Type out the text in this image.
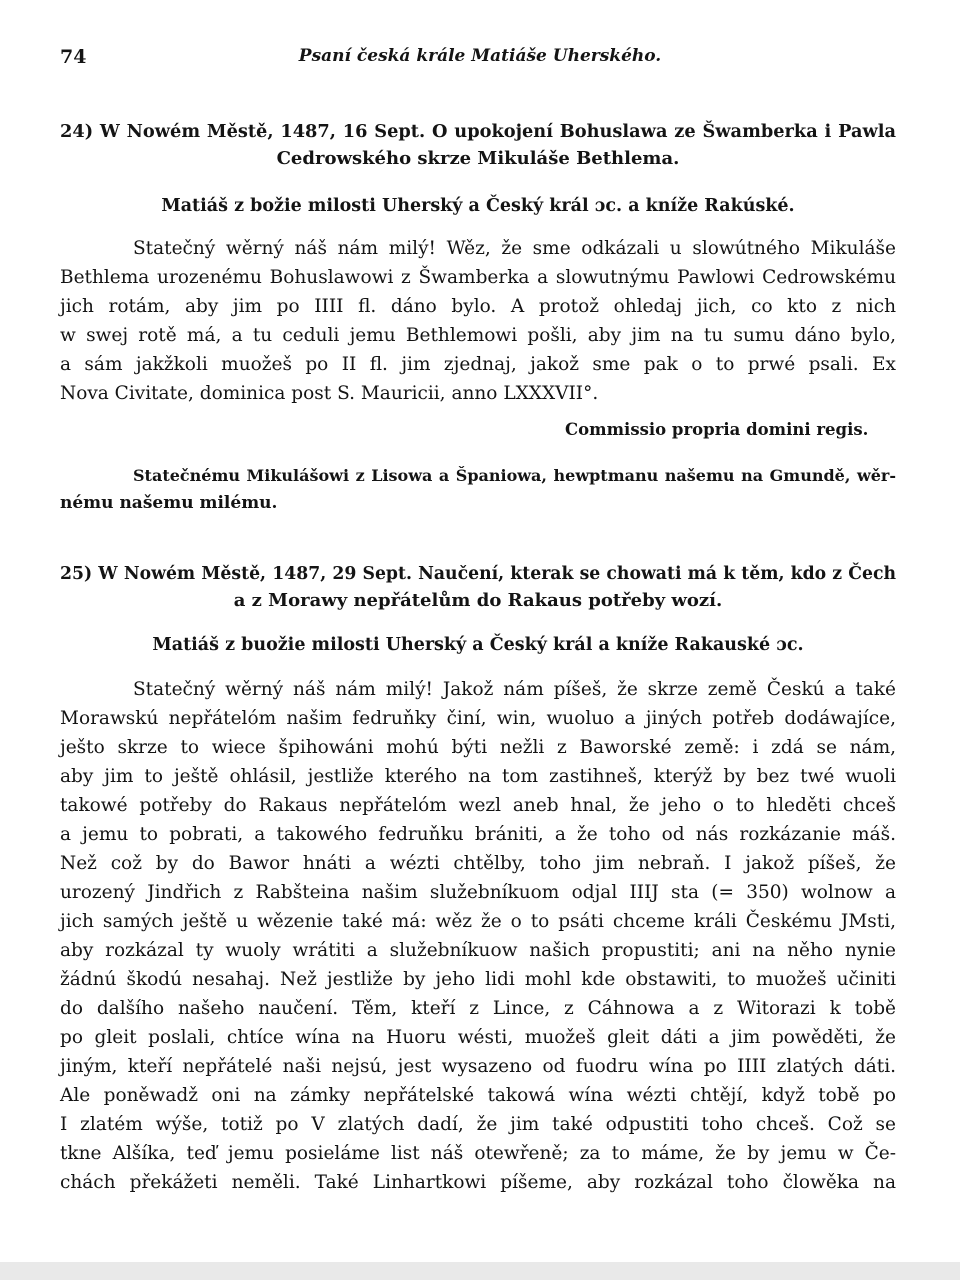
74	Psaní česká krále Matiáše Uherského.
24) W Nowém Městě, 1487, 16 Sept. O upokojení Bohuslawa ze Šwamberka i Pawla
Cedrowského skrze Mikuláše Bethlema.
Matiáš z božie milosti Uherský a Český král ɔc. a kníže Rakúské.
Statečný wěrný náš nám milý! Wěz, že sme odkázali u slowútného Mikuláše
Bethlema urozenému Bohuslawowi z Šwamberka a slowutnýmu Pawlowi Cedrowskému
jich rotám, aby jim po IIII fl. dáno bylo. A protož ohledaj jich, co kto z nich
w swej rotě má, a tu ceduli jemu Bethlemowi pošli, aby jim na tu sumu dáno bylo,
a sám jakžkoli muožeš po II fl. jim zjednaj, jakož sme pak o to prwé psali. Ex
Nova Civitate, dominica post S. Mauricii, anno LXXXVII°.
Commissio propria domini regis.
Statečnému Mikulášowi z Lisowa a Španiowa, hewptmanu našemu na Gmundě, wěr-
nému našemu milému.
25) W Nowém Městě, 1487, 29 Sept. Naučení, kterak se chowati má k těm, kdo z Čech
a z Morawy nepřátelům do Rakaus potřeby wozí.
Matiáš z buožie milosti Uherský a Český král a kníže Rakauské ɔc.
Statečný wěrný náš nám milý! Jakož nám píšeš, že skrze země Českú a také
Morawskú nepřátelóm našim fedruňky činí, win, wuoluo a jiných potřeb dodáwajíce,
ješto skrze to wiece špihowáni mohú býti nežli z Baworské země: i zdá se nám,
aby jim to ještě ohlásil, jestliže kterého na tom zastihneš, kterýž by bez twé wuoli
takowé potřeby do Rakaus nepřátelóm wezl aneb hnal, že jeho o to hleděti chceš
a jemu to pobrati, a takowého fedruňku brániti, a že toho od nás rozkázanie máš.
Než což by do Bawor hnáti a wézti chtělby, toho jim nebraň. I jakož píšeš, že
urozený Jindřich z Rabšteina našim služebníkuom odjal IIIJ sta (= 350) wolnow a
jich samých ještě u wězenie také má: wěz že o to psáti chceme králi Českému JMsti,
aby rozkázal ty wuoly wrátiti a služebníkuow našich propustiti; ani na něho nynie
žádnú škodú nesahaj. Než jestliže by jeho lidi mohl kde obstawiti, to muožeš učiniti
do dalšího našeho naučení. Těm, kteří z Lince, z Cáhnowa a z Witorazi k tobě
po gleit poslali, chtíce wína na Huoru wésti, muožeš gleit dáti a jim powěděti, že
jiným, kteří nepřátelé naši nejsú, jest wysazeno od fuodru wína po IIII zlatých dáti.
Ale poněwadž oni na zámky nepřátelské takowá wína wézti chtějí, když tobě po
I zlatém wýše, totiž po V zlatých dadí, že jim také odpustiti toho chceš. Což se
tkne Alšíka, teď jemu posieláme list náš otewřeně; za to máme, že by jemu w Če-
chách překážeti neměli. Také Linhartkowi píšeme, aby rozkázal toho člowěka na
